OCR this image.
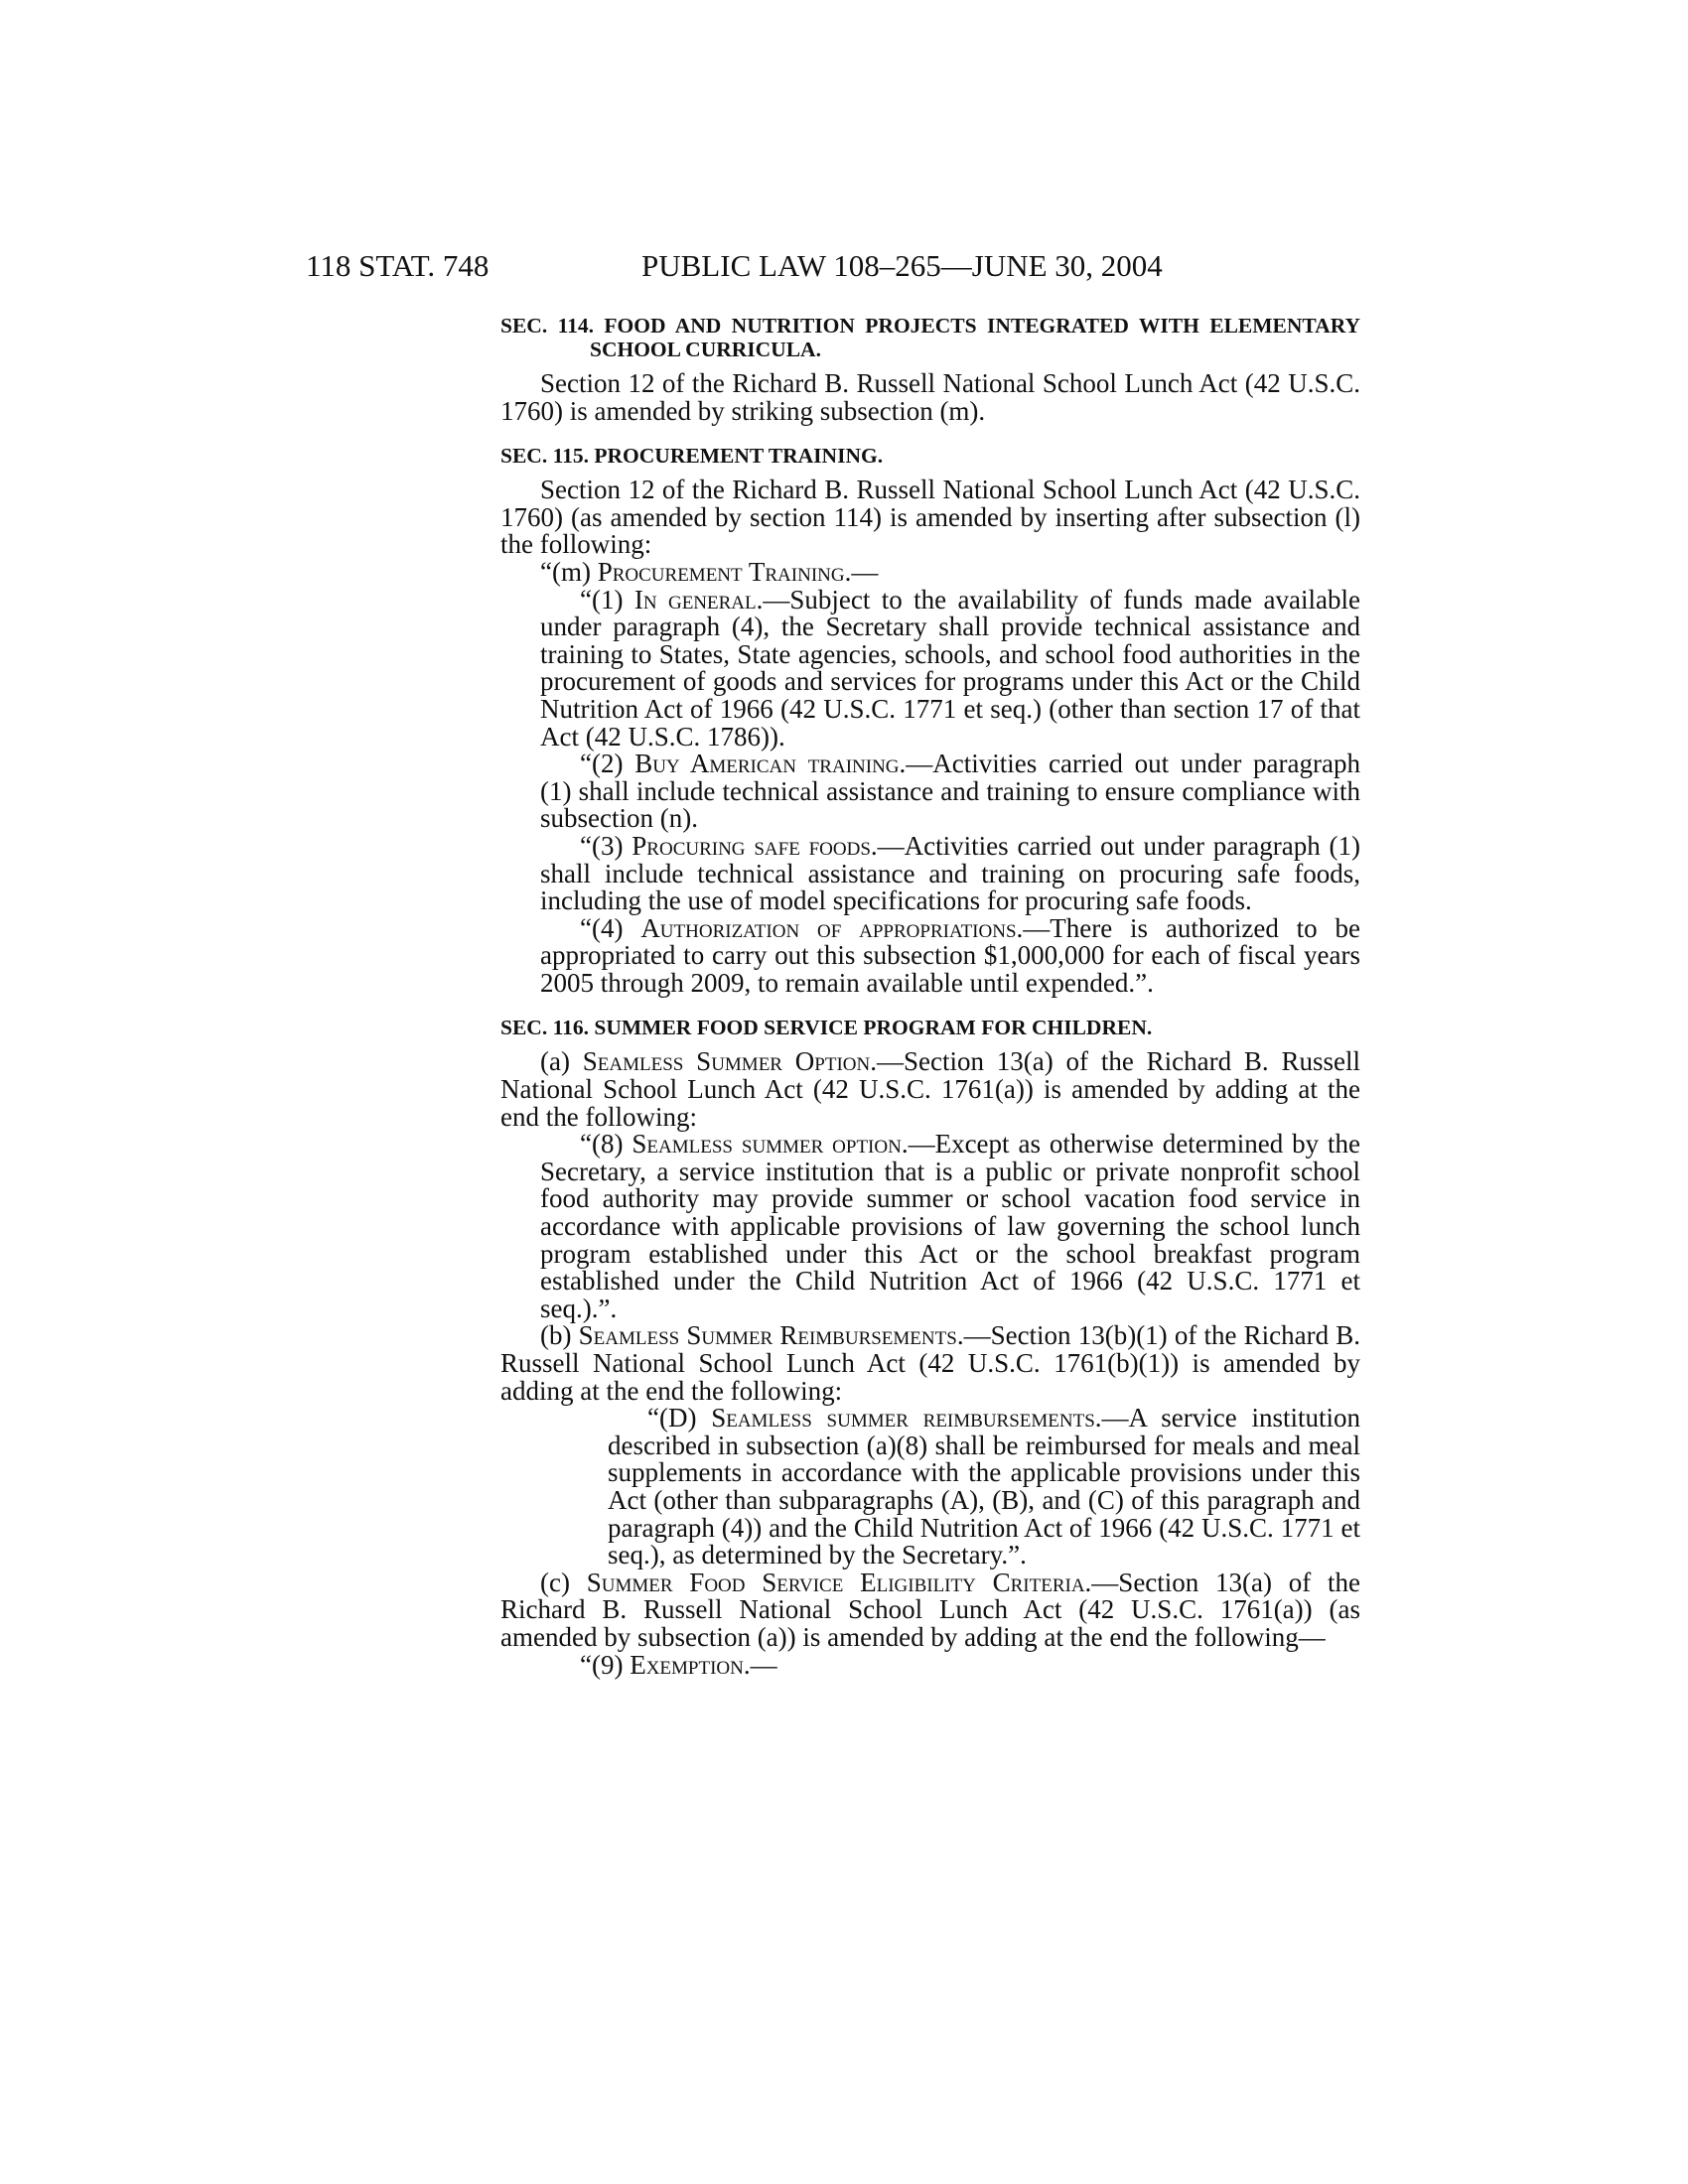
118 STAT. 748	PUBLIC LAW 108–265—JUNE 30, 2004

SEC. 114. FOOD AND NUTRITION PROJECTS INTEGRATED WITH ELEMENTARY SCHOOL CURRICULA.

Section 12 of the Richard B. Russell National School Lunch Act (42 U.S.C. 1760) is amended by striking subsection (m).

SEC. 115. PROCUREMENT TRAINING.

Section 12 of the Richard B. Russell National School Lunch Act (42 U.S.C. 1760) (as amended by section 114) is amended by inserting after subsection (l) the following:

“(m) Procurement Training.—

“(1) In general.—Subject to the availability of funds made available under paragraph (4), the Secretary shall provide technical assistance and training to States, State agencies, schools, and school food authorities in the procurement of goods and services for programs under this Act or the Child Nutrition Act of 1966 (42 U.S.C. 1771 et seq.) (other than section 17 of that Act (42 U.S.C. 1786)).

“(2) Buy American training.—Activities carried out under paragraph (1) shall include technical assistance and training to ensure compliance with subsection (n).

“(3) Procuring safe foods.—Activities carried out under paragraph (1) shall include technical assistance and training on procuring safe foods, including the use of model specifications for procuring safe foods.

“(4) Authorization of appropriations.—There is authorized to be appropriated to carry out this subsection $1,000,000 for each of fiscal years 2005 through 2009, to remain available until expended.”.

SEC. 116. SUMMER FOOD SERVICE PROGRAM FOR CHILDREN.

(a) Seamless Summer Option.—Section 13(a) of the Richard B. Russell National School Lunch Act (42 U.S.C. 1761(a)) is amended by adding at the end the following:

“(8) Seamless summer option.—Except as otherwise determined by the Secretary, a service institution that is a public or private nonprofit school food authority may provide summer or school vacation food service in accordance with applicable provisions of law governing the school lunch program established under this Act or the school breakfast program established under the Child Nutrition Act of 1966 (42 U.S.C. 1771 et seq.).”.

(b) Seamless Summer Reimbursements.—Section 13(b)(1) of the Richard B. Russell National School Lunch Act (42 U.S.C. 1761(b)(1)) is amended by adding at the end the following:

“(D) Seamless summer reimbursements.—A service institution described in subsection (a)(8) shall be reimbursed for meals and meal supplements in accordance with the applicable provisions under this Act (other than subparagraphs (A), (B), and (C) of this paragraph and paragraph (4)) and the Child Nutrition Act of 1966 (42 U.S.C. 1771 et seq.), as determined by the Secretary.”.

(c) Summer Food Service Eligibility Criteria.—Section 13(a) of the Richard B. Russell National School Lunch Act (42 U.S.C. 1761(a)) (as amended by subsection (a)) is amended by adding at the end the following—

“(9) Exemption.—
